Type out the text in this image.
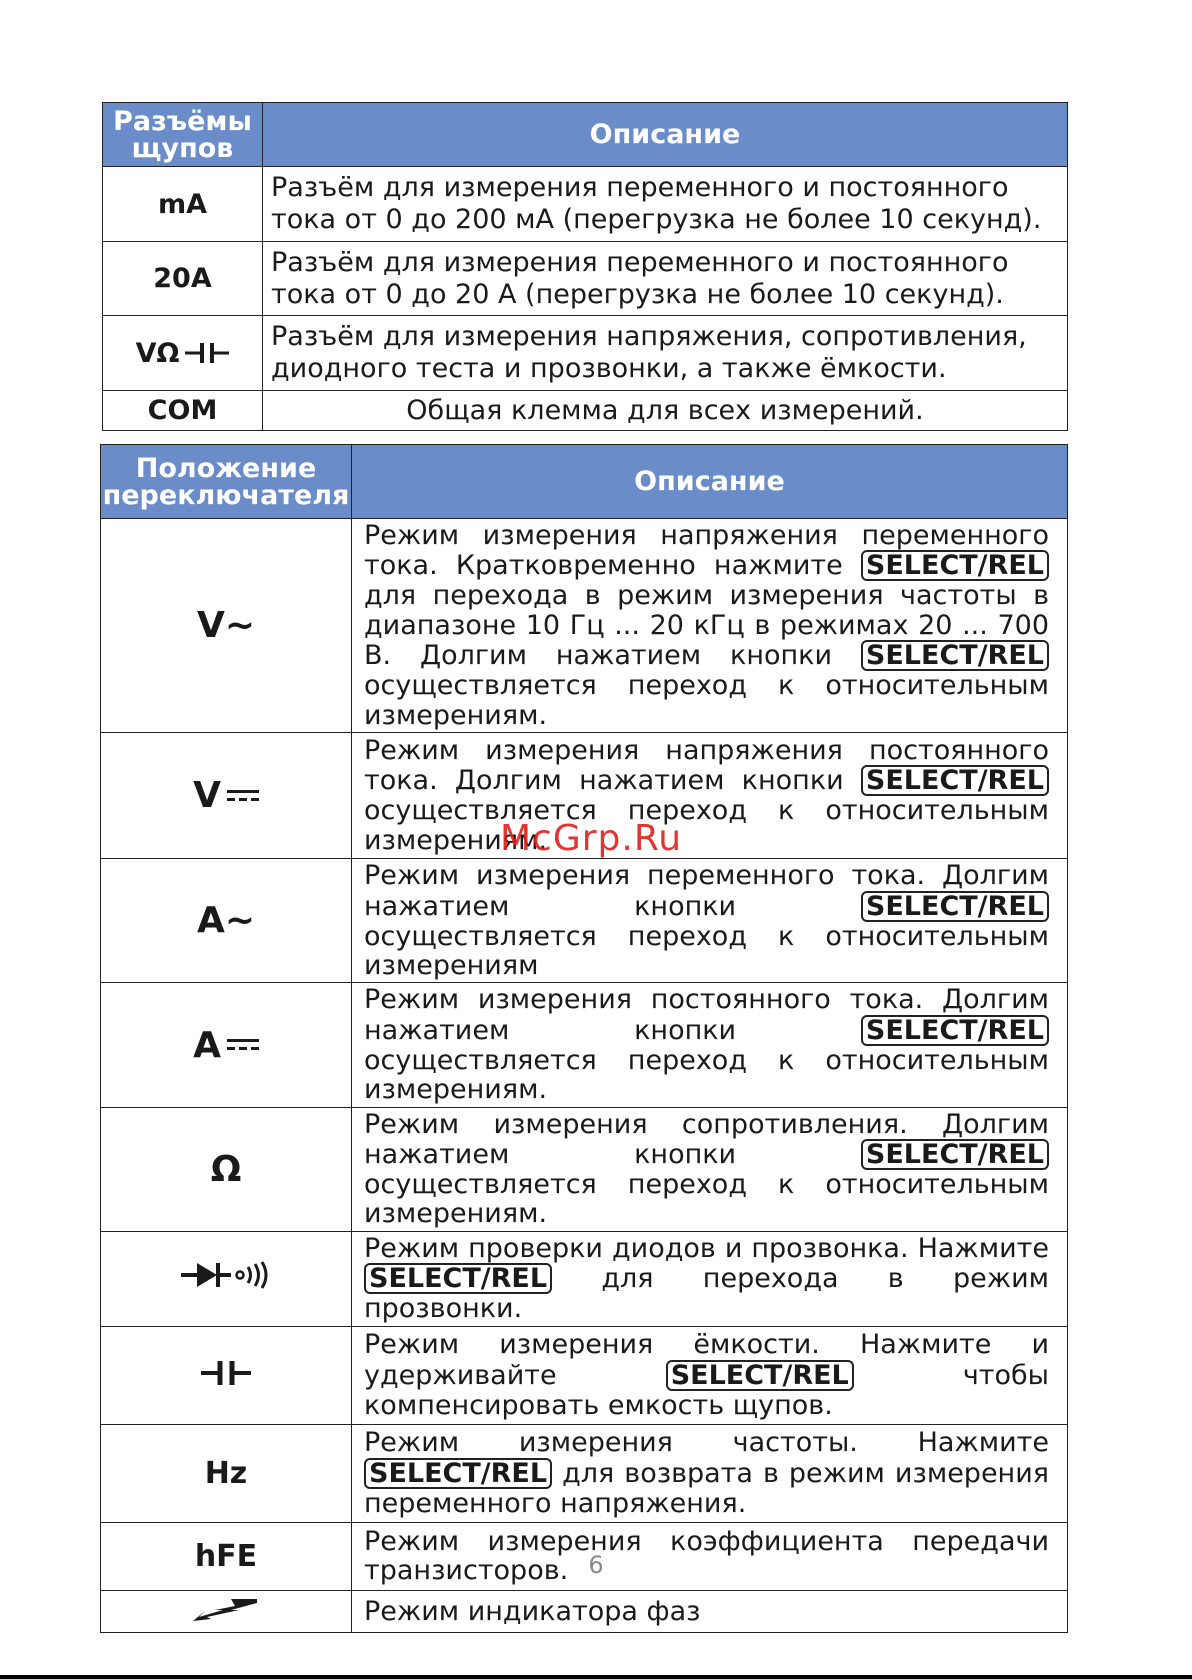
Разъёмы щупов	Описание
mA	Разъём для измерения переменного и постоянного тока от 0 до 200 мА (перегрузка не более 10 секунд).
20A	Разъём для измерения переменного и постоянного тока от 0 до 20 А (перегрузка не более 10 секунд).

VΩ	Разъём для измерения напряжения, сопротивления, диодного теста и прозвонки, а также ёмкости.
COM	Общая клемма для всех измерений.
Положение переключателя	Описание

V~	Режим измерения напряжения переменного тока. Кратковременно нажмите SELECT/REL для перехода в режим измерения частоты в диапазоне 10 Гц ... 20 кГц в режимах 20 ... 700 В. Долгим нажатием кнопки SELECT/REL осуществляется переход к относительным измерениям.

V	Режим измерения напряжения постоянного тока. Долгим нажатием кнопки SELECT/REL осуществляется переход к относительным измерениям.

A~	Режим измерения переменного тока. Долгим нажатием кнопки SELECT/REL осуществляется переход к относительным измерениям

A	Режим измерения постоянного тока. Долгим нажатием кнопки SELECT/REL осуществляется переход к относительным измерениям.
Ω	Режим измерения сопротивления. Долгим нажатием кнопки SELECT/REL осуществляется переход к относительным измерениям.
	Режим проверки диодов и прозвонка. Нажмите SELECT/REL для перехода в режим прозвонки.
	Режим измерения ёмкости. Нажмите и удерживайте SELECT/REL чтобы компенсировать емкость щупов.
Hz	Режим измерения частоты. Нажмите SELECT/REL для возврата в режим измерения переменного напряжения.
hFE	Режим измерения коэффициента передачи транзисторов.
	Режим индикатора фаз
McGrp.Ru
6
